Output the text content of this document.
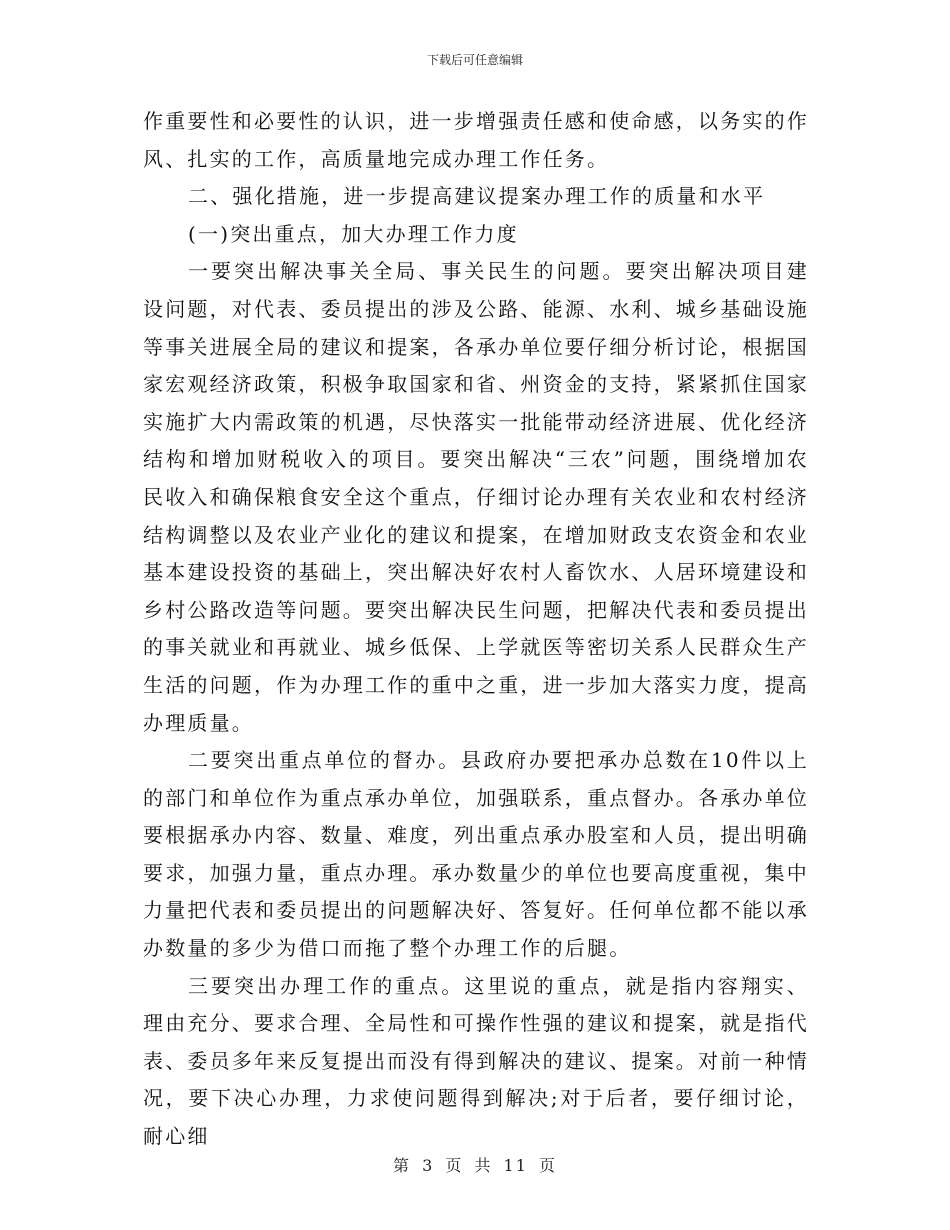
下载后可任意编辑

作重要性和必要性的认识，进一步增强责任感和使命感，以务实的作风、扎实的工作，高质量地完成办理工作任务。

二、强化措施，进一步提高建议提案办理工作的质量和水平

(一)突出重点，加大办理工作力度

一要突出解决事关全局、事关民生的问题。要突出解决项目建设问题，对代表、委员提出的涉及公路、能源、水利、城乡基础设施等事关进展全局的建议和提案，各承办单位要仔细分析讨论，根据国家宏观经济政策，积极争取国家和省、州资金的支持，紧紧抓住国家实施扩大内需政策的机遇，尽快落实一批能带动经济进展、优化经济结构和增加财税收入的项目。要突出解决“三农”问题，围绕增加农民收入和确保粮食安全这个重点，仔细讨论办理有关农业和农村经济结构调整以及农业产业化的建议和提案，在增加财政支农资金和农业基本建设投资的基础上，突出解决好农村人畜饮水、人居环境建设和乡村公路改造等问题。要突出解决民生问题，把解决代表和委员提出的事关就业和再就业、城乡低保、上学就医等密切关系人民群众生产生活的问题，作为办理工作的重中之重，进一步加大落实力度，提高办理质量。

二要突出重点单位的督办。县政府办要把承办总数在10件以上的部门和单位作为重点承办单位，加强联系，重点督办。各承办单位要根据承办内容、数量、难度，列出重点承办股室和人员，提出明确要求，加强力量，重点办理。承办数量少的单位也要高度重视，集中力量把代表和委员提出的问题解决好、答复好。任何单位都不能以承办数量的多少为借口而拖了整个办理工作的后腿。

三要突出办理工作的重点。这里说的重点，就是指内容翔实、理由充分、要求合理、全局性和可操作性强的建议和提案，就是指代表、委员多年来反复提出而没有得到解决的建议、提案。对前一种情况，要下决心办理，力求使问题得到解决;对于后者，要仔细讨论，耐心细

第 3 页 共 11 页
